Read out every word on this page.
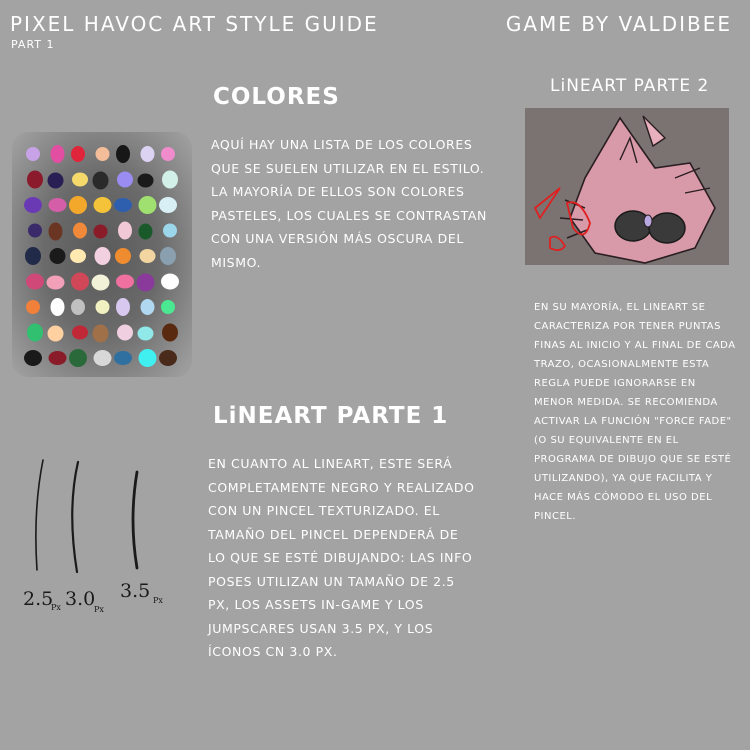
PIXEL HAVOC ART STYLE GUIDE
PART 1
GAME BY VALDIBEE
COLORES
AQUÍ HAY UNA LISTA DE LOS COLORES QUE SE SUELEN UTILIZAR EN EL ESTILO. LA MAYORÍA DE ELLOS SON COLORES PASTELES, LOS CUALES SE CONTRASTAN CON UNA VERSIÓN MÁS OSCURA DEL MISMO.
LiNEART PARTE 2
EN SU MAYORÍA, EL LINEART SE CARACTERIZA POR TENER PUNTAS FINAS AL INICIO Y AL FINAL DE CADA TRAZO, OCASIONALMENTE ESTA REGLA PUEDE IGNORARSE EN MENOR MEDIDA. SE RECOMIENDA ACTIVAR LA FUNCIÓN "FORCE FADE" (O SU EQUIVALENTE EN EL PROGRAMA DE DIBUJO QUE SE ESTÉ UTILIZANDO), YA QUE FACILITA Y HACE MÁS CÓMODO EL USO DEL PINCEL.
LiNEART PARTE 1
EN CUANTO AL LINEART, ESTE SERÁ COMPLETAMENTE NEGRO Y REALIZADO CON UN PINCEL TEXTURIZADO. EL TAMAÑO DEL PINCEL DEPENDERÁ DE LO QUE SE ESTÉ DIBUJANDO: LAS INFO POSES UTILIZAN UN TAMAÑO DE 2.5 PX, LOS ASSETS IN-GAME Y LOS JUMPSCARES USAN 3.5 PX, Y LOS ÍCONOS CN 3.0 PX.
2.5
Px 3.0
Px
3.5 Px
